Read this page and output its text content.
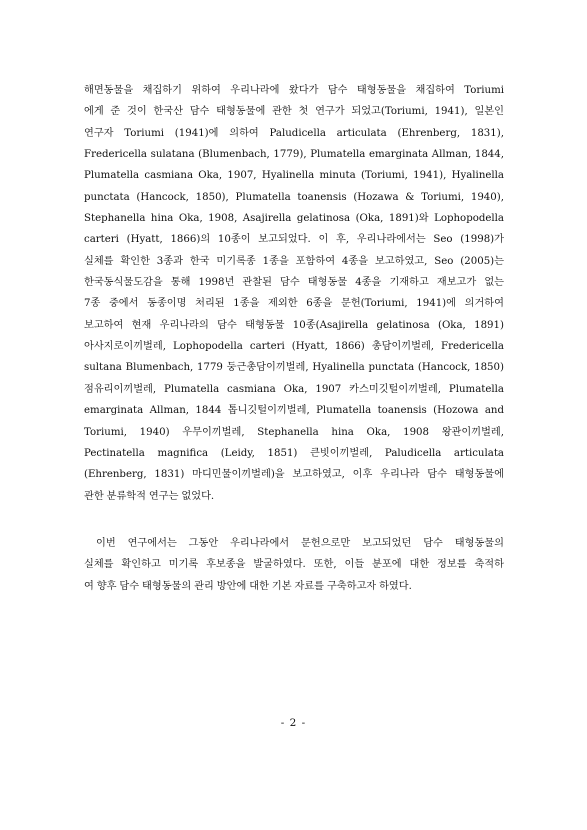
해면동물을 채집하기 위하여 우리나라에 왔다가 담수 태형동물을 채집하여 Toriumi
에게 준 것이 한국산 담수 태형동물에 관한 첫 연구가 되었고(Toriumi, 1941), 일본인
연구자 Toriumi (1941)에 의하여 Paludicella articulata (Ehrenberg, 1831),
Fredericella sulatana (Blumenbach, 1779), Plumatella emarginata Allman, 1844,
Plumatella casmiana Oka, 1907, Hyalinella minuta (Toriumi, 1941), Hyalinella
punctata (Hancock, 1850), Plumatella toanensis (Hozawa & Toriumi, 1940),
Stephanella hina Oka, 1908, Asajirella gelatinosa (Oka, 1891)와 Lophopodella
carteri (Hyatt, 1866)의 10종이 보고되었다. 이 후, 우리나라에서는 Seo (1998)가
실체를 확인한 3종과 한국 미기록종 1종을 포함하여 4종을 보고하였고, Seo (2005)는
한국동식물도감을 통해 1998년 관찰된 담수 태형동물 4종을 기재하고 재보고가 없는
7종 중에서 동종이명 처리된 1종을 제외한 6종을 문헌(Toriumi, 1941)에 의거하여
보고하여 현재 우리나라의 담수 태형동물 10종(Asajirella gelatinosa (Oka, 1891)
아사지로이끼벌레, Lophopodella carteri (Hyatt, 1866) 총담이끼벌레, Fredericella
sultana Blumenbach, 1779 둥근총담이끼벌레, Hyalinella punctata (Hancock, 1850)
점유리이끼벌레, Plumatella casmiana Oka, 1907 카스미깃털이끼벌레, Plumatella
emarginata Allman, 1844 톱니깃털이끼벌레, Plumatella toanensis (Hozowa and
Toriumi, 1940) 우무이끼벌레, Stephanella hina Oka, 1908 왕관이끼벌레,
Pectinatella magnifica (Leidy, 1851) 큰빗이끼벌레, Paludicella articulata
(Ehrenberg, 1831) 마디민물이끼벌레)을 보고하였고, 이후 우리나라 담수 태형동물에
관한 분류학적 연구는 없었다.
이번 연구에서는 그동안 우리나라에서 문헌으로만 보고되었던 담수 태형동물의
실체를 확인하고 미기록 후보종을 발굴하였다. 또한, 이들 분포에 대한 정보를 축적하
여 향후 담수 태형동물의 관리 방안에 대한 기본 자료를 구축하고자 하였다.
- 2 -
